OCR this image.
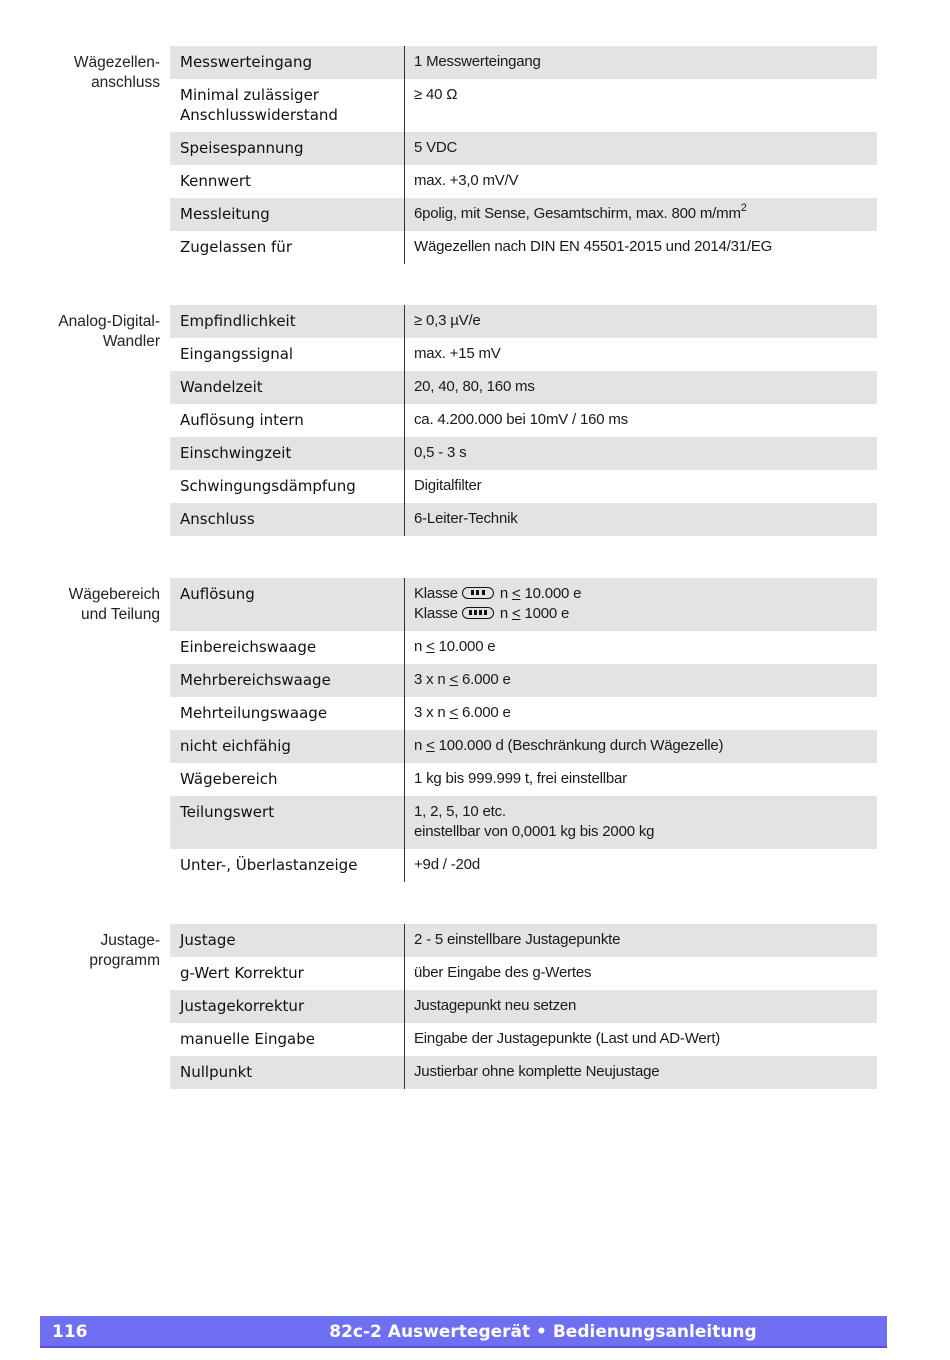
Wägezellen-
anschluss
Messwerteingang	1 Messwerteingang

Minimal zulässiger
Anschlusswiderstand	≥ 40 Ω
Speisespannung	5 VDC
Kennwert	max. +3,0 mV/V
Messleitung	6polig, mit Sense, Gesamtschirm, max. 800 $m/mm^2$
Zugelassen für	Wägezellen nach DIN EN 45501-2015 und 2014/31/EG
Analog-Digital-
Wandler
Empfindlichkeit	≥ 0,3 µV/e
Eingangssignal	max. +15 mV
Wandelzeit	20, 40, 80, 160 ms
Auflösung intern	ca. 4.200.000 bei 10mV / 160 ms
Einschwingzeit	0,5 - 3 s
Schwingungsdämpfung	Digitalfilter
Anschluss	6-Leiter-Technik
Wägebereich
und Teilung
Auflösung	Klasse n ≤ 10.000 e
Klasse n ≤ 1000 e

Einbereichswaage	n < 10.000 e
Mehrbereichswaage	3 x n < 6.000 e
Mehrteilungswaage	3 x n < 6.000 e
nicht eichfähig	n < 100.000 d (Beschränkung durch Wägezelle)
Wägebereich	1 kg bis 999.999 t, frei einstellbar
Teilungswert	1, 2, 5, 10 etc.
einstellbar von 0,0001 kg bis 2000 kg

Unter-, Überlastanzeige	+9d / -20d
Justage-
programm
Justage	2 - 5 einstellbare Justagepunkte
g-Wert Korrektur	über Eingabe des g-Wertes
Justagekorrektur	Justagepunkt neu setzen
manuelle Eingabe	Eingabe der Justagepunkte (Last und AD-Wert)
Nullpunkt	Justierbar ohne komplette Neujustage
116	82c-2 Auswertegerät • Bedienungsanleitung
